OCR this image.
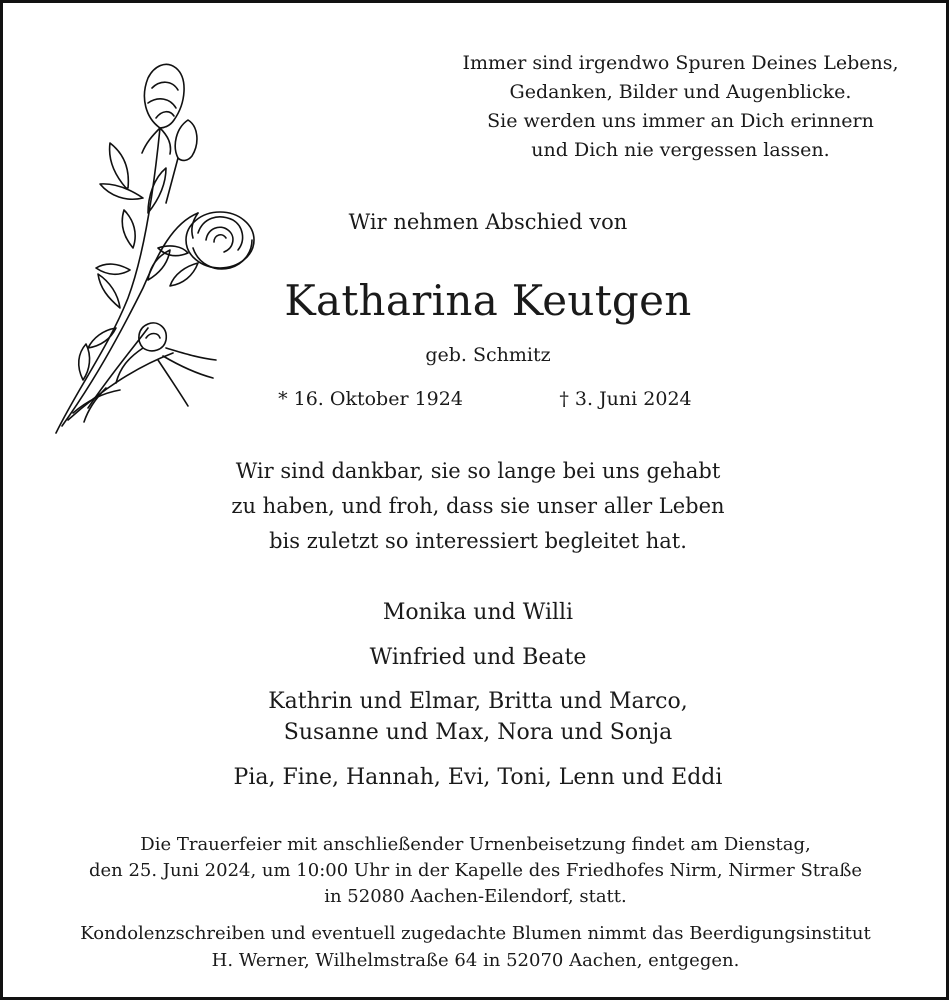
Immer sind irgendwo Spuren Deines Lebens,
Gedanken, Bilder und Augenblicke.
Sie werden uns immer an Dich erinnern
und Dich nie vergessen lassen.
Wir nehmen Abschied von
Katharina Keutgen
geb. Schmitz
* 16. Oktober 1924	† 3. Juni 2024
Wir sind dankbar, sie so lange bei uns gehabt
zu haben, und froh, dass sie unser aller Leben
bis zuletzt so interessiert begleitet hat.
Monika und Willi
Winfried und Beate
Kathrin und Elmar, Britta und Marco,
Susanne und Max, Nora und Sonja
Pia, Fine, Hannah, Evi, Toni, Lenn und Eddi
Die Trauerfeier mit anschließender Urnenbeisetzung findet am Dienstag,
den 25. Juni 2024, um 10:00 Uhr in der Kapelle des Friedhofes Nirm, Nirmer Straße
in 52080 Aachen-Eilendorf, statt.
Kondolenzschreiben und eventuell zugedachte Blumen nimmt das Beerdigungsinstitut
H. Werner, Wilhelmstraße 64 in 52070 Aachen, entgegen.
